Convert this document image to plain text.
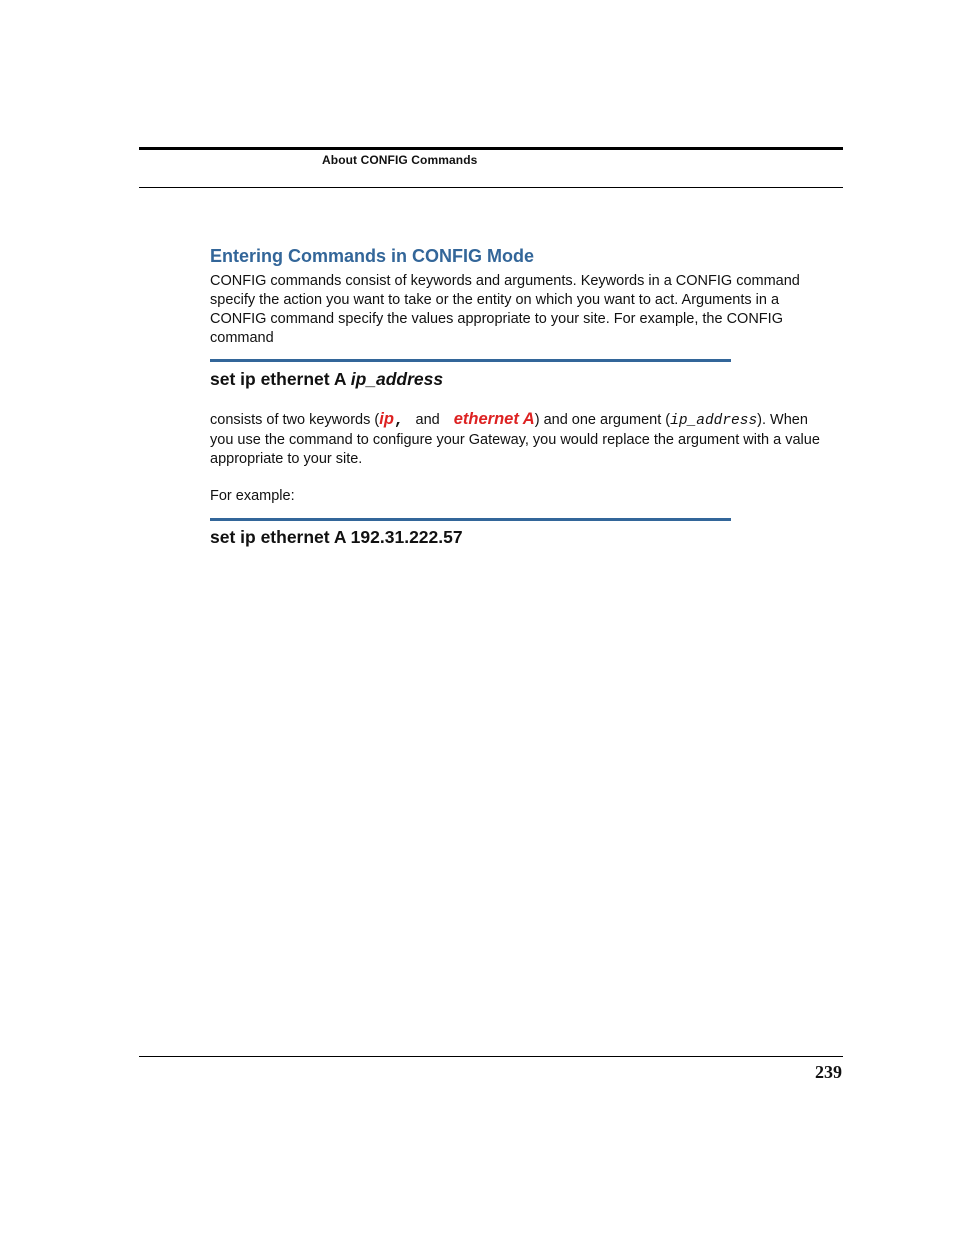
About CONFIG Commands
Entering Commands in CONFIG Mode

CONFIG commands consist of keywords and arguments. Keywords in a CONFIG command specify the action you want to take or the entity on which you want to act. Arguments in a CONFIG command specify the values appropriate to your site. For example, the CONFIG command

set ip ethernet A ip_address

consists of two keywords (ip, and ethernet A) and one argument (ip_address). When you use the command to configure your Gateway, you would replace the argument with a value appropriate to your site.

For example:

set ip ethernet A 192.31.222.57

239
